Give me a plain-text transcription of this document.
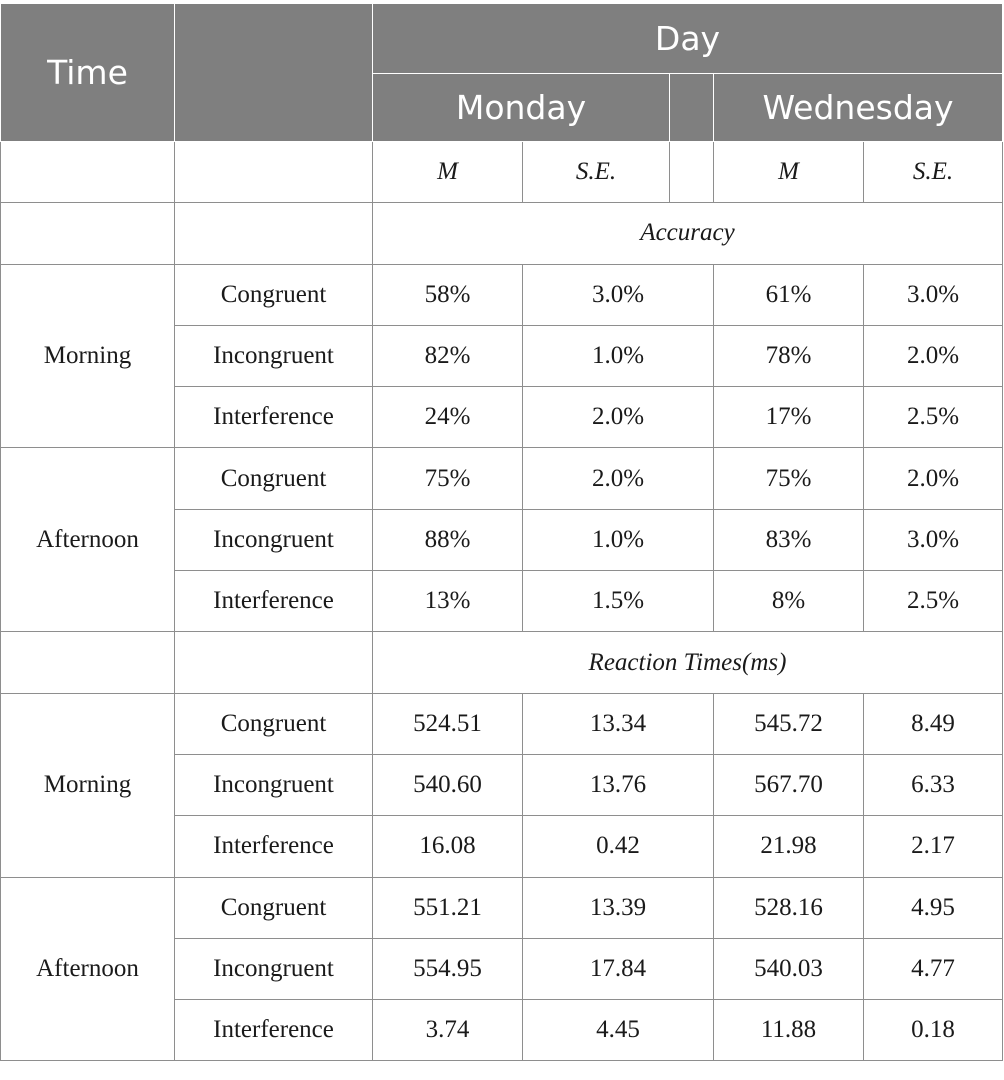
Time		Day				
		Monday			Wednesday	
		M	S.E.		M	S.E.
		Accuracy				
Morning	Congruent	58%	3.0%		61%	3.0%
	Incongruent	82%	1.0%		78%	2.0%
	Interference	24%	2.0%		17%	2.5%
Afternoon	Congruent	75%	2.0%		75%	2.0%
	Incongruent	88%	1.0%		83%	3.0%
	Interference	13%	1.5%		8%	2.5%
		Reaction Times(ms)				
Morning	Congruent	524.51	13.34		545.72	8.49
	Incongruent	540.60	13.76		567.70	6.33
	Interference	16.08	0.42		21.98	2.17
Afternoon	Congruent	551.21	13.39		528.16	4.95
	Incongruent	554.95	17.84		540.03	4.77
	Interference	3.74	4.45		11.88	0.18
